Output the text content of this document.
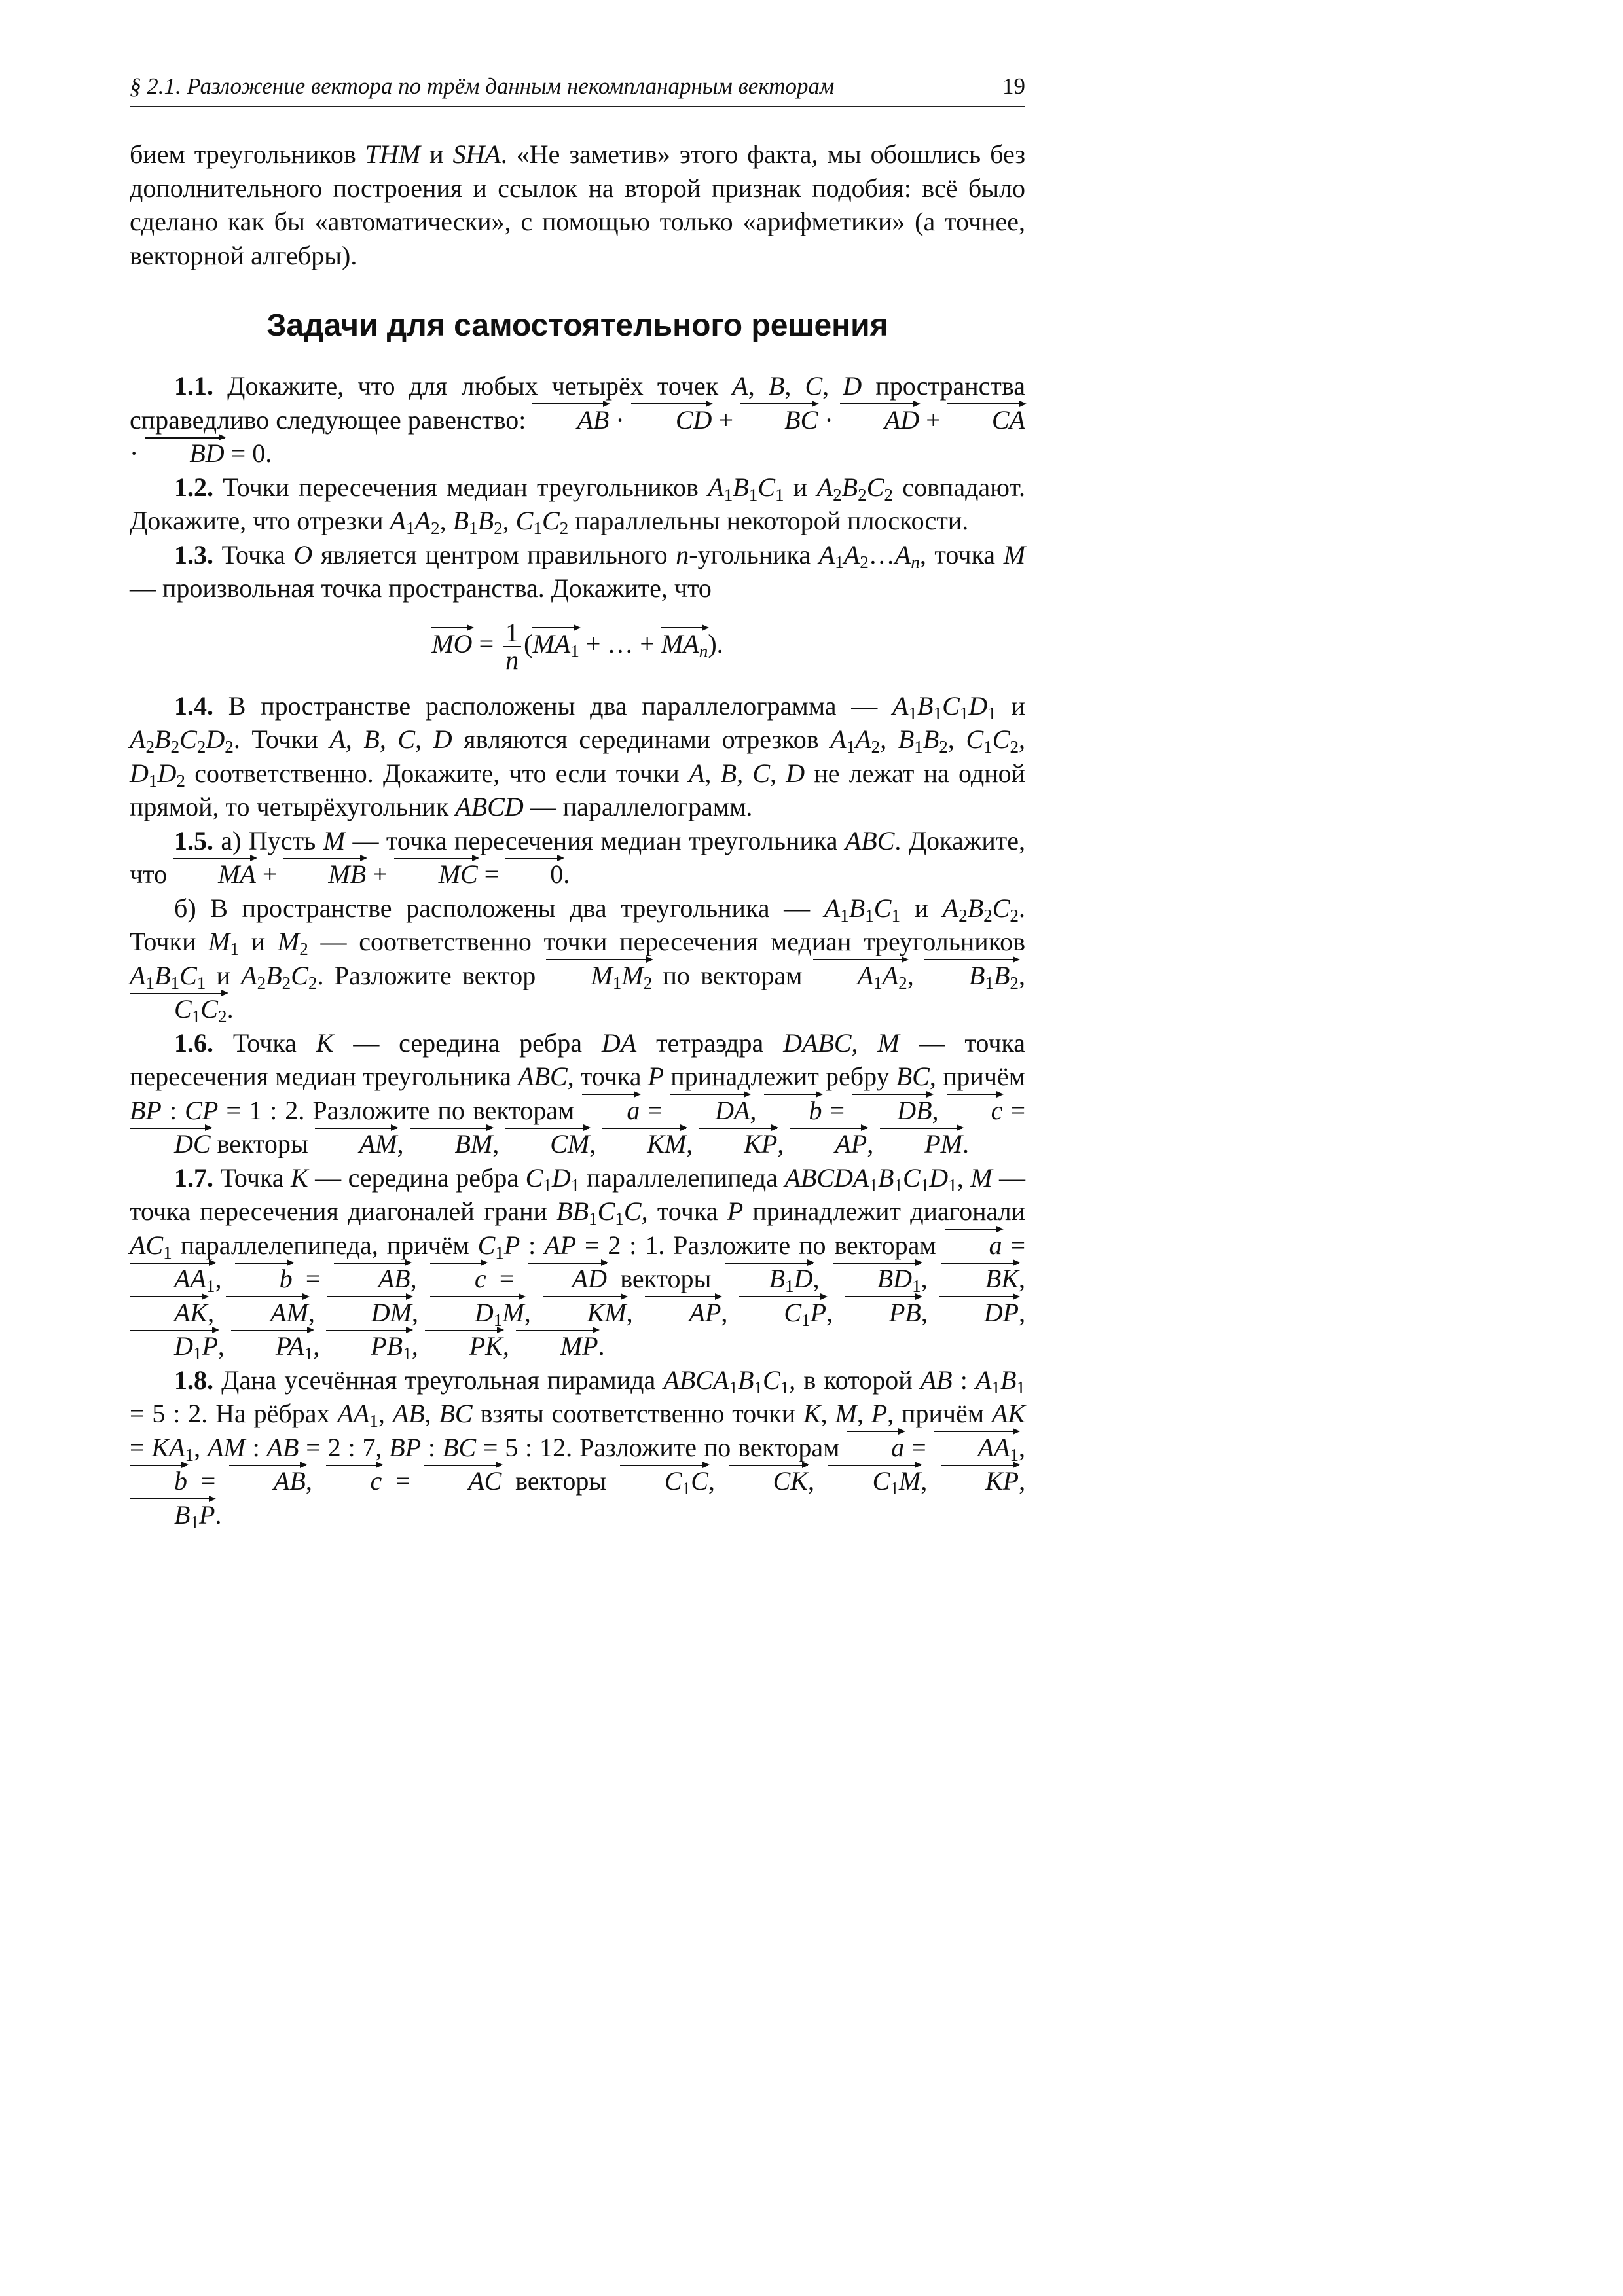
§ 2.1. Разложение вектора по трём данным некомпланарным векторам	19

бием треугольников THM и SHA. «Не заметив» этого факта, мы обошлись без дополнительного построения и ссылок на второй признак подобия: всё было сделано как бы «автоматически», с помощью только «арифметики» (а точнее, векторной алгебры).

Задачи для самостоятельного решения

1.1. Докажите, что для любых четырёх точек A, B, C, D пространства справедливо следующее равенство: AB · CD + BC · AD + CA · BD = 0.

1.2. Точки пересечения медиан треугольников $A_1B_1C_1$ и $A_2B_2C_2$ совпадают. Докажите, что отрезки $A_1A_2$, $B_1B_2$, $C_1C_2$ параллельны некоторой плоскости.

1.3. Точка O является центром правильного n-угольника $A_1A_2\dots A_n$, точка M — произвольная точка пространства. Докажите, что
MO = $\frac{1}{n} (MA_1$ + … + $MA_n$).

1.4. В пространстве расположены два параллелограмма — $A_1B_1C_1D_1$ и $A_2B_2C_2D_2$. Точки A, B, C, D являются серединами отрезков $A_1A_2$, $B_1B_2$, $C_1C_2$, $D_1D_2$ соответственно. Докажите, что если точки A, B, C, D не лежат на одной прямой, то четырёхугольник ABCD — параллелограмм.

1.5. а) Пусть M — точка пересечения медиан треугольника ABC. Докажите, что MA + MB + MC = 0.

б) В пространстве расположены два треугольника — $A_1B_1C_1$ и $A_2B_2C_2$. Точки $M_1$ и $M_2$ — соответственно точки пересечения медиан треугольников $A_1B_1C_1$ и $A_2B_2C_2$. Разложите вектор $M_1M_2$ по векторам $A_1A_2$, $B_1B_2$, $C_1C_2$.

1.6. Точка K — середина ребра DA тетраэдра DABC, M — точка пересечения медиан треугольника ABC, точка P принадлежит ребру BC, причём BP : CP = 1 : 2. Разложите по векторам a = DA, b = DB, c = DC векторы AM, BM, CM, KM, KP, AP, PM.

1.7. Точка K — середина ребра $C_1D_1$ параллелепипеда $ABCDA_1B_1C_1D_1$, M — точка пересечения диагоналей грани $BB_1C_1C$, точка P принадлежит диагонали $AC_1$ параллелепипеда, причём $C_1P$ : AP = 2 : 1. Разложите по векторам $a = AA_1$, b = AB, c = AD векторы $B_1D$, $BD_1$, BK, AK, AM, DM, $D_1M$, KM, AP, $C_1P$, PB, DP, $D_1P$, $PA_1$, $PB_1$, PK, MP.

1.8. Дана усечённая треугольная пирамида $ABCA_1B_1C_1$, в которой AB : $A_1B_1 = 5$ : 2. На рёбрах $AA_1$, AB, BC взяты соответственно точки K, M, P, причём AK = $KA_1$, AM : AB = 2 : 7, BP : BC = 5 : 12. Разложите по векторам $a = AA_1$, b = AB, c = AC векторы $C_1C$, CK, $C_1M$, KP, $B_1P$.
